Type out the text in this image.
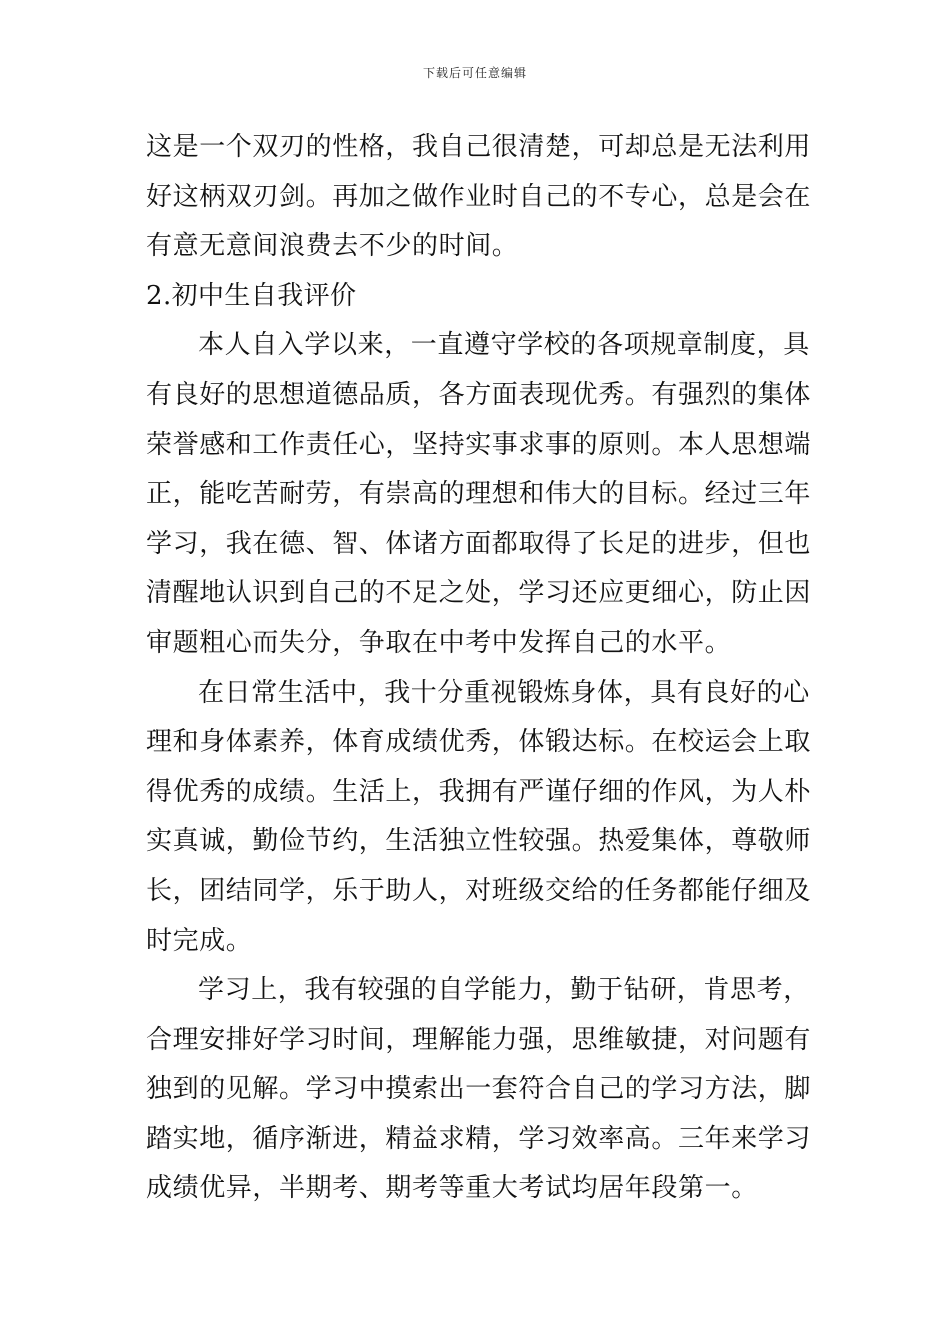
下载后可任意编辑
这是一个双刃的性格，我自己很清楚，可却总是无法利用
好这柄双刃剑。再加之做作业时自己的不专心，总是会在
有意无意间浪费去不少的时间。
2.初中生自我评价
本人自入学以来，一直遵守学校的各项规章制度，具
有良好的思想道德品质，各方面表现优秀。有强烈的集体
荣誉感和工作责任心，坚持实事求事的原则。本人思想端
正，能吃苦耐劳，有崇高的理想和伟大的目标。经过三年
学习，我在德、智、体诸方面都取得了长足的进步，但也
清醒地认识到自己的不足之处，学习还应更细心，防止因
审题粗心而失分，争取在中考中发挥自己的水平。
在日常生活中，我十分重视锻炼身体，具有良好的心
理和身体素养，体育成绩优秀，体锻达标。在校运会上取
得优秀的成绩。生活上，我拥有严谨仔细的作风，为人朴
实真诚，勤俭节约，生活独立性较强。热爱集体，尊敬师
长，团结同学，乐于助人，对班级交给的任务都能仔细及
时完成。
学习上，我有较强的自学能力，勤于钻研，肯思考，
合理安排好学习时间，理解能力强，思维敏捷，对问题有
独到的见解。学习中摸索出一套符合自己的学习方法，脚
踏实地，循序渐进，精益求精，学习效率高。三年来学习
成绩优异，半期考、期考等重大考试均居年段第一。
